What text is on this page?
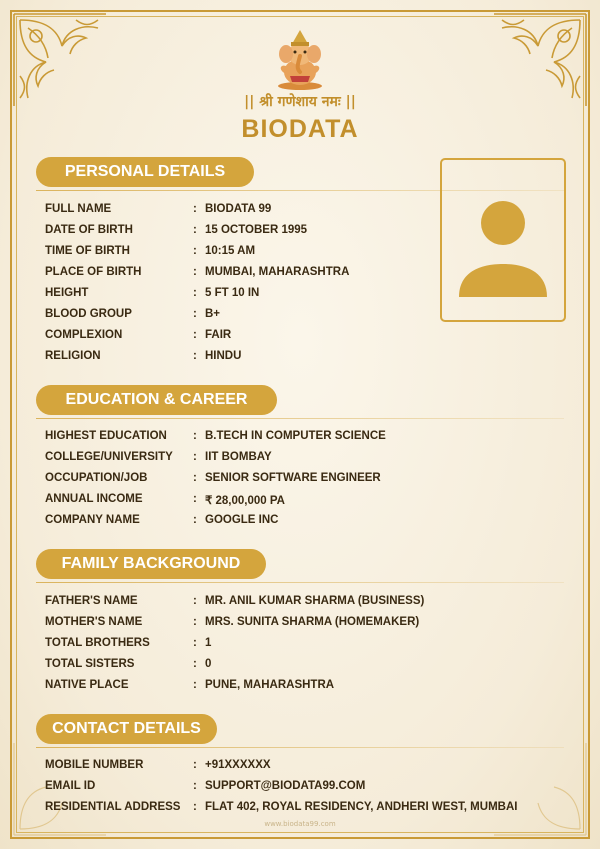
|| श्री गणेशाय नमः ||
BIODATA
PERSONAL DETAILS
FULL NAME	: BIODATA 99
DATE OF BIRTH	: 15 OCTOBER 1995
TIME OF BIRTH	: 10:15 AM
PLACE OF BIRTH	: MUMBAI, MAHARASHTRA
HEIGHT	: 5 FT 10 IN
BLOOD GROUP	: B+
COMPLEXION	: FAIR
RELIGION	: HINDU
EDUCATION & CAREER
HIGHEST EDUCATION : B.TECH IN COMPUTER SCIENCE
COLLEGE/UNIVERSITY : IIT BOMBAY
OCCUPATION/JOB	: SENIOR SOFTWARE ENGINEER
ANNUAL INCOME	: ₹ 28,00,000 PA
COMPANY NAME	: GOOGLE INC
FAMILY BACKGROUND
FATHER'S NAME	: MR. ANIL KUMAR SHARMA (BUSINESS)
MOTHER'S NAME	: MRS. SUNITA SHARMA (HOMEMAKER)
TOTAL BROTHERS	: 1
TOTAL SISTERS	: 0
NATIVE PLACE	: PUNE, MAHARASHTRA
CONTACT DETAILS
MOBILE NUMBER	: +91XXXXXX
EMAIL ID	: SUPPORT@BIODATA99.COM
RESIDENTIAL ADDRESS : FLAT 402, ROYAL RESIDENCY, ANDHERI WEST, MUMBAI
www.biodata99.com
